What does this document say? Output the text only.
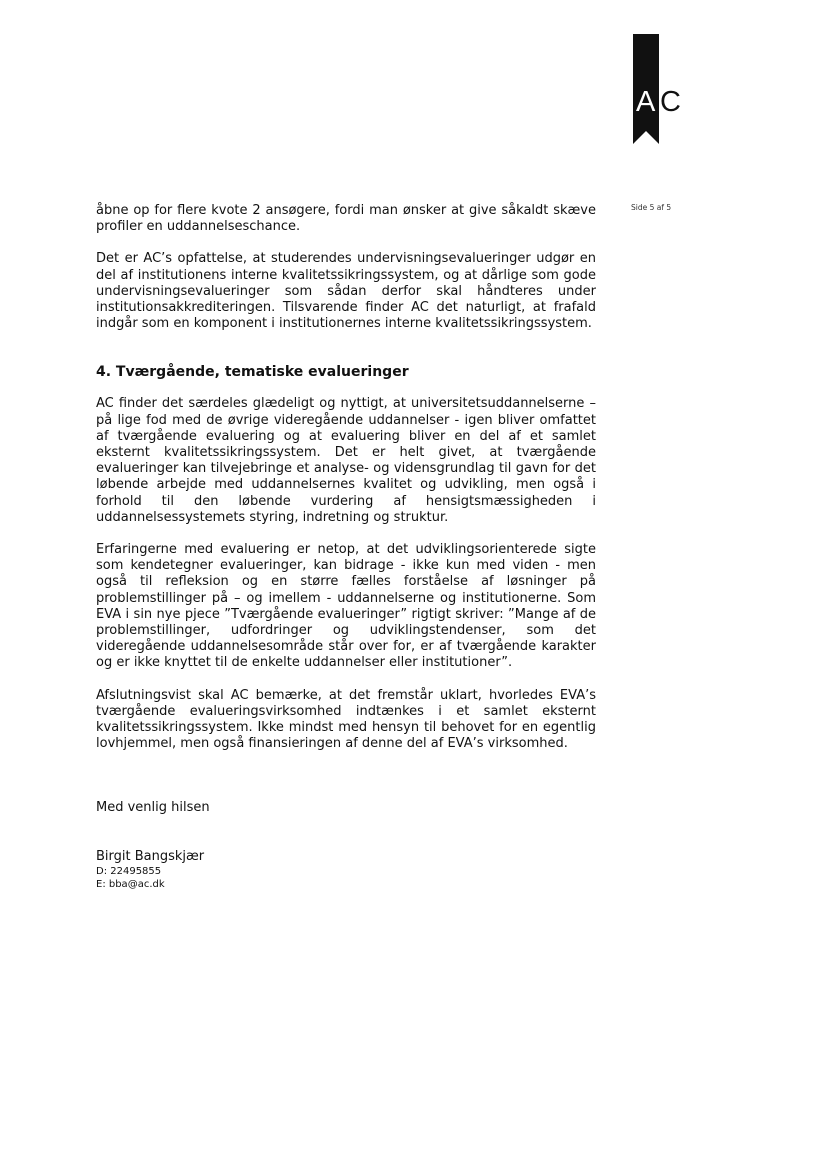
A C
Side 5 af 5

åbne op for flere kvote 2 ansøgere, fordi man ønsker at give såkaldt skæve profiler en uddannelseschance.

Det er AC’s opfattelse, at studerendes undervisningsevalueringer udgør en del af institutionens interne kvalitetssikringssystem, og at dårlige som gode undervisningsevalueringer som sådan derfor skal håndteres under institutionsakkrediteringen. Tilsvarende finder AC det naturligt, at frafald indgår som en komponent i institutionernes interne kvalitetssikringssystem.

4. Tværgående, tematiske evalueringer

AC finder det særdeles glædeligt og nyttigt, at universitetsuddannelserne – på lige fod med de øvrige videregående uddannelser - igen bliver omfattet af tværgående evaluering og at evaluering bliver en del af et samlet eksternt kvalitetssikringssystem. Det er helt givet, at tværgående evalueringer kan tilvejebringe et analyse- og vidensgrundlag til gavn for det løbende arbejde med uddannelsernes kvalitet og udvikling, men også i forhold til den løbende vurdering af hensigtsmæssigheden i uddannelsessystemets styring, indretning og struktur.

Erfaringerne med evaluering er netop, at det udviklingsorienterede sigte som kendetegner evalueringer, kan bidrage - ikke kun med viden - men også til refleksion og en større fælles forståelse af løsninger på problemstillinger på – og imellem - uddannelserne og institutionerne. Som EVA i sin nye pjece ”Tværgående evalueringer” rigtigt skriver: ”Mange af de problemstillinger, udfordringer og udviklingstendenser, som det videregående uddannelsesområde står over for, er af tværgående karakter og er ikke knyttet til de enkelte uddannelser eller institutioner”.

Afslutningsvist skal AC bemærke, at det fremstår uklart, hvorledes EVA’s tværgående evalueringsvirksomhed indtænkes i et samlet eksternt kvalitetssikringssystem. Ikke mindst med hensyn til behovet for en egentlig lovhjemmel, men også finansieringen af denne del af EVA’s virksomhed.

Med venlig hilsen

Birgit Bangskjær

D: 22495855

E: bba@ac.dk
